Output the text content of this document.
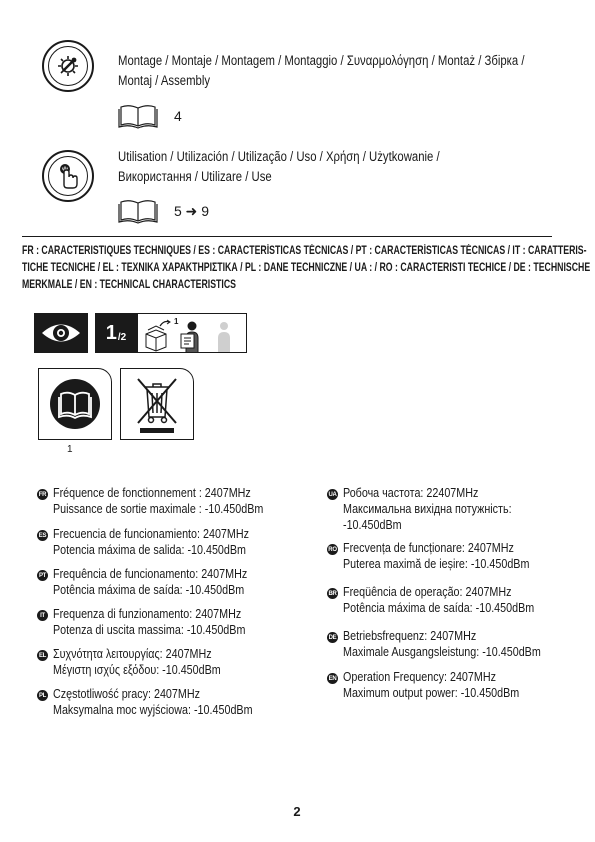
Montage / Montaje / Montagem / Montaggio / Συναρμολόγηση / Montaż / Збірка /
Montaj / Assembly
4
Utilisation / Utilización / Utilização / Uso / Χρήση / Użytkowanie /
Використання / Utilizare / Use
5 ➜ 9
FR : CARACTERISTIQUES TECHNIQUES / ES : CARACTERÍSTICAS TÉCNICAS / PT : CARACTERÍSTICAS TÉCNICAS / IT : CARATTERIS-
TICHE TECNICHE / EL : ΤΕΧΝΙΚΑ ΧΑΡΑΚΤΗΡΙΣΤΙΚΑ / PL : DANE TECHNICZNE / UA : / RO : CARACTERISTI TECHICE / DE : TECHNISCHE
MERKMALE / EN : TECHNICAL CHARACTERISTICS
1 /2
1
1
FR Fréquence de fonctionnement : 2407MHz
Puissance de sortie maximale : -10.450dBm
ES Frecuencia de funcionamiento: 2407MHz
Potencia máxima de salida: -10.450dBm
PT Frequência de funcionamento: 2407MHz
Potência máxima de saída: -10.450dBm
IT Frequenza di funzionamento: 2407MHz
Potenza di uscita massima: -10.450dBm
EL Συχνότητα λειτουργίας: 2407MHz
Μέγιστη ισχύς εξόδου: -10.450dBm
PL Częstotliwość pracy: 2407MHz
Maksymalna moc wyjściowa: -10.450dBm
UA Робоча частота: 22407MHz
Максимальна вихідна потужність:
-10.450dBm
RO Frecvența de funcționare: 2407MHz
Puterea maximă de ieșire: -10.450dBm
BR Freqüência de operação: 2407MHz
Potência máxima de saída: -10.450dBm
DE Betriebsfrequenz: 2407MHz
Maximale Ausgangsleistung: -10.450dBm
EN Operation Frequency: 2407MHz
Maximum output power: -10.450dBm
2
